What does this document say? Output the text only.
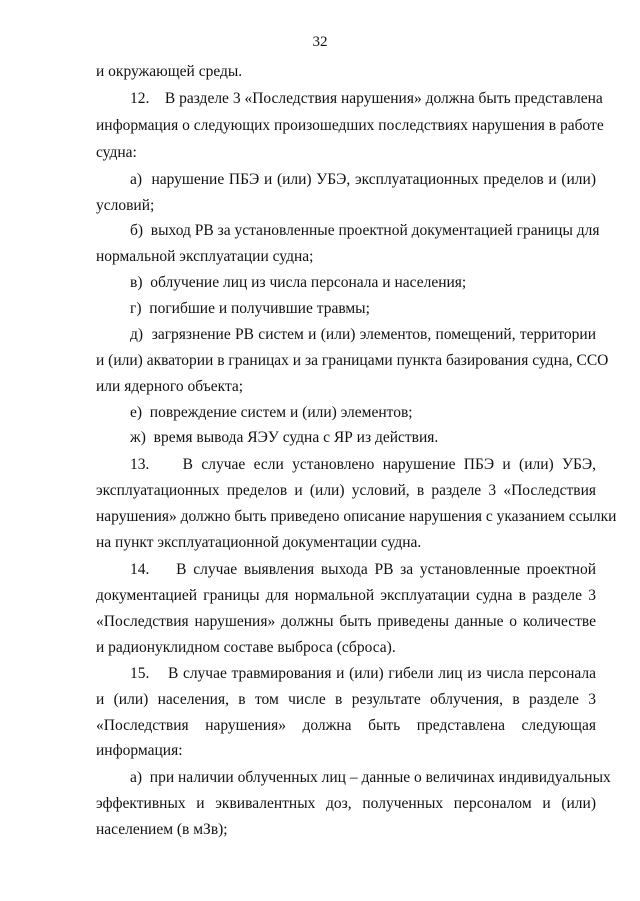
32
и окружающей среды.
12.    В разделе 3 «Последствия нарушения» должна быть представлена
информация о следующих произошедших последствиях нарушения в работе
судна:
а)  нарушение ПБЭ и (или) УБЭ, эксплуатационных пределов и (или)
условий;
б)  выход РВ за установленные проектной документацией границы для
нормальной эксплуатации судна;
в)  облучение лиц из числа персонала и населения;
г)  погибшие и получившие травмы;
д)  загрязнение РВ систем и (или) элементов, помещений, территории
и (или) акватории в границах и за границами пункта базирования судна, ССО
или ядерного объекта;
е)  повреждение систем и (или) элементов;
ж)  время вывода ЯЭУ судна с ЯР из действия.
13.    В случае если установлено нарушение ПБЭ и (или) УБЭ,
эксплуатационных пределов и (или) условий, в разделе 3 «Последствия
нарушения» должно быть приведено описание нарушения с указанием ссылки
на пункт эксплуатационной документации судна.
14.    В случае выявления выхода РВ за установленные проектной
документацией границы для нормальной эксплуатации судна в разделе 3
«Последствия нарушения» должны быть приведены данные о количестве
и радионуклидном составе выброса (сброса).
15.    В случае травмирования и (или) гибели лиц из числа персонала
и (или) населения, в том числе в результате облучения, в разделе 3
«Последствия нарушения» должна быть представлена следующая
информация:
а)  при наличии облученных лиц – данные о величинах индивидуальных
эффективных и эквивалентных доз, полученных персоналом и (или)
населением (в мЗв);
